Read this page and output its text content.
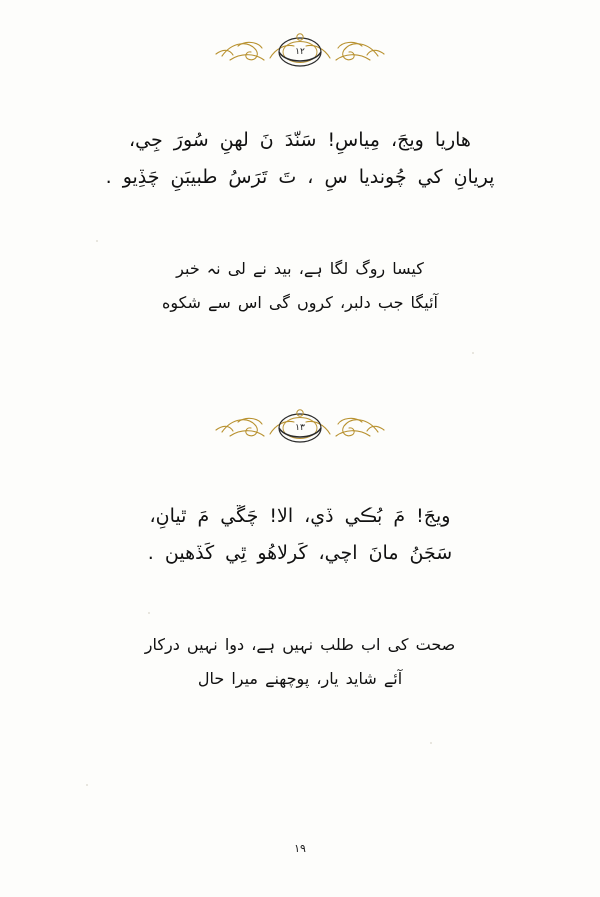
١٢
ھاريا ويجَ، مِياسِ! سَنّدَ نَ لھنِ سُورَ جِي،
پريانِ كي چُونديا سِ ، تَ تَرَسُ طبيبَنِ چَڏِيو .
كيسا روگ لگا ہے، بيد نے لى نہ خبر
آئيگا جب دلبر، كروں گى اس سے شكوه
١٣
ويجَ! مَ بُڪي ڏي، الا! چَڱي مَ ٿيانِ،
سَجَنُ مانَ اچي، كَرلاهُو ٿِي كَڏهين .
صحت كى اب طلب نہيں ہے، دوا نہيں دركار
آئے شايد يار، پوچھنے ميرا حال
١٩
